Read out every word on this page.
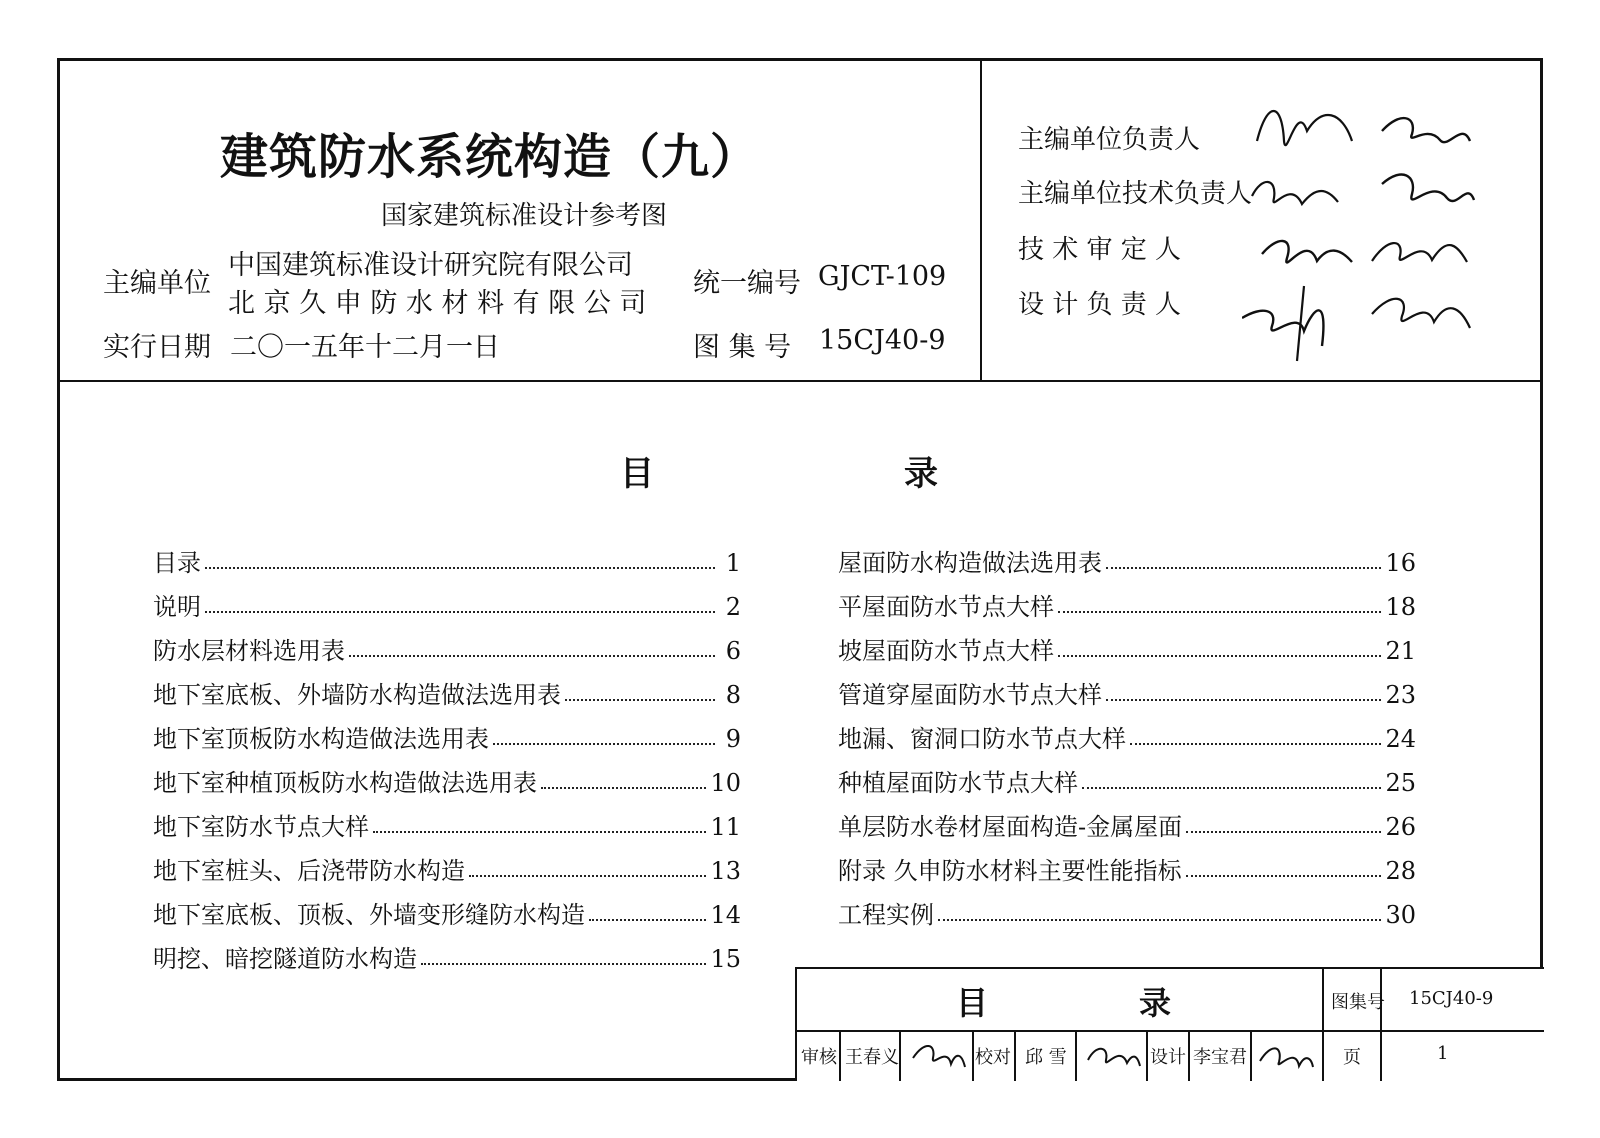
建筑防水系统构造（九）
国家建筑标准设计参考图
主编单位
中国建筑标准设计研究院有限公司
北 京 久 申 防 水 材 料 有 限 公 司
统一编号 GJCT-109
实行日期 二〇一五年十二月一日	图 集 号 15CJ40-9
主编单位负责人
主编单位技术负责人
技 术 审 定 人
设 计 负 责 人
目	录
目录	1
说明	2
防水层材料选用表	6
地下室底板、外墙防水构造做法选用表	8
地下室顶板防水构造做法选用表	9
地下室种植顶板防水构造做法选用表	10
地下室防水节点大样	11
地下室桩头、后浇带防水构造	13
地下室底板、顶板、外墙变形缝防水构造	14
明挖、暗挖隧道防水构造	15
屋面防水构造做法选用表	16
平屋面防水节点大样	18
坡屋面防水节点大样	21
管道穿屋面防水节点大样	23
地漏、窗洞口防水节点大样	24
种植屋面防水节点大样	25
单层防水卷材屋面构造-金属屋面	26
附录 久申防水材料主要性能指标	28
工程实例	30
目	录	图集号 15CJ40-9
审核 王春义	校对 邱 雪	设计 李宝君	页	1
